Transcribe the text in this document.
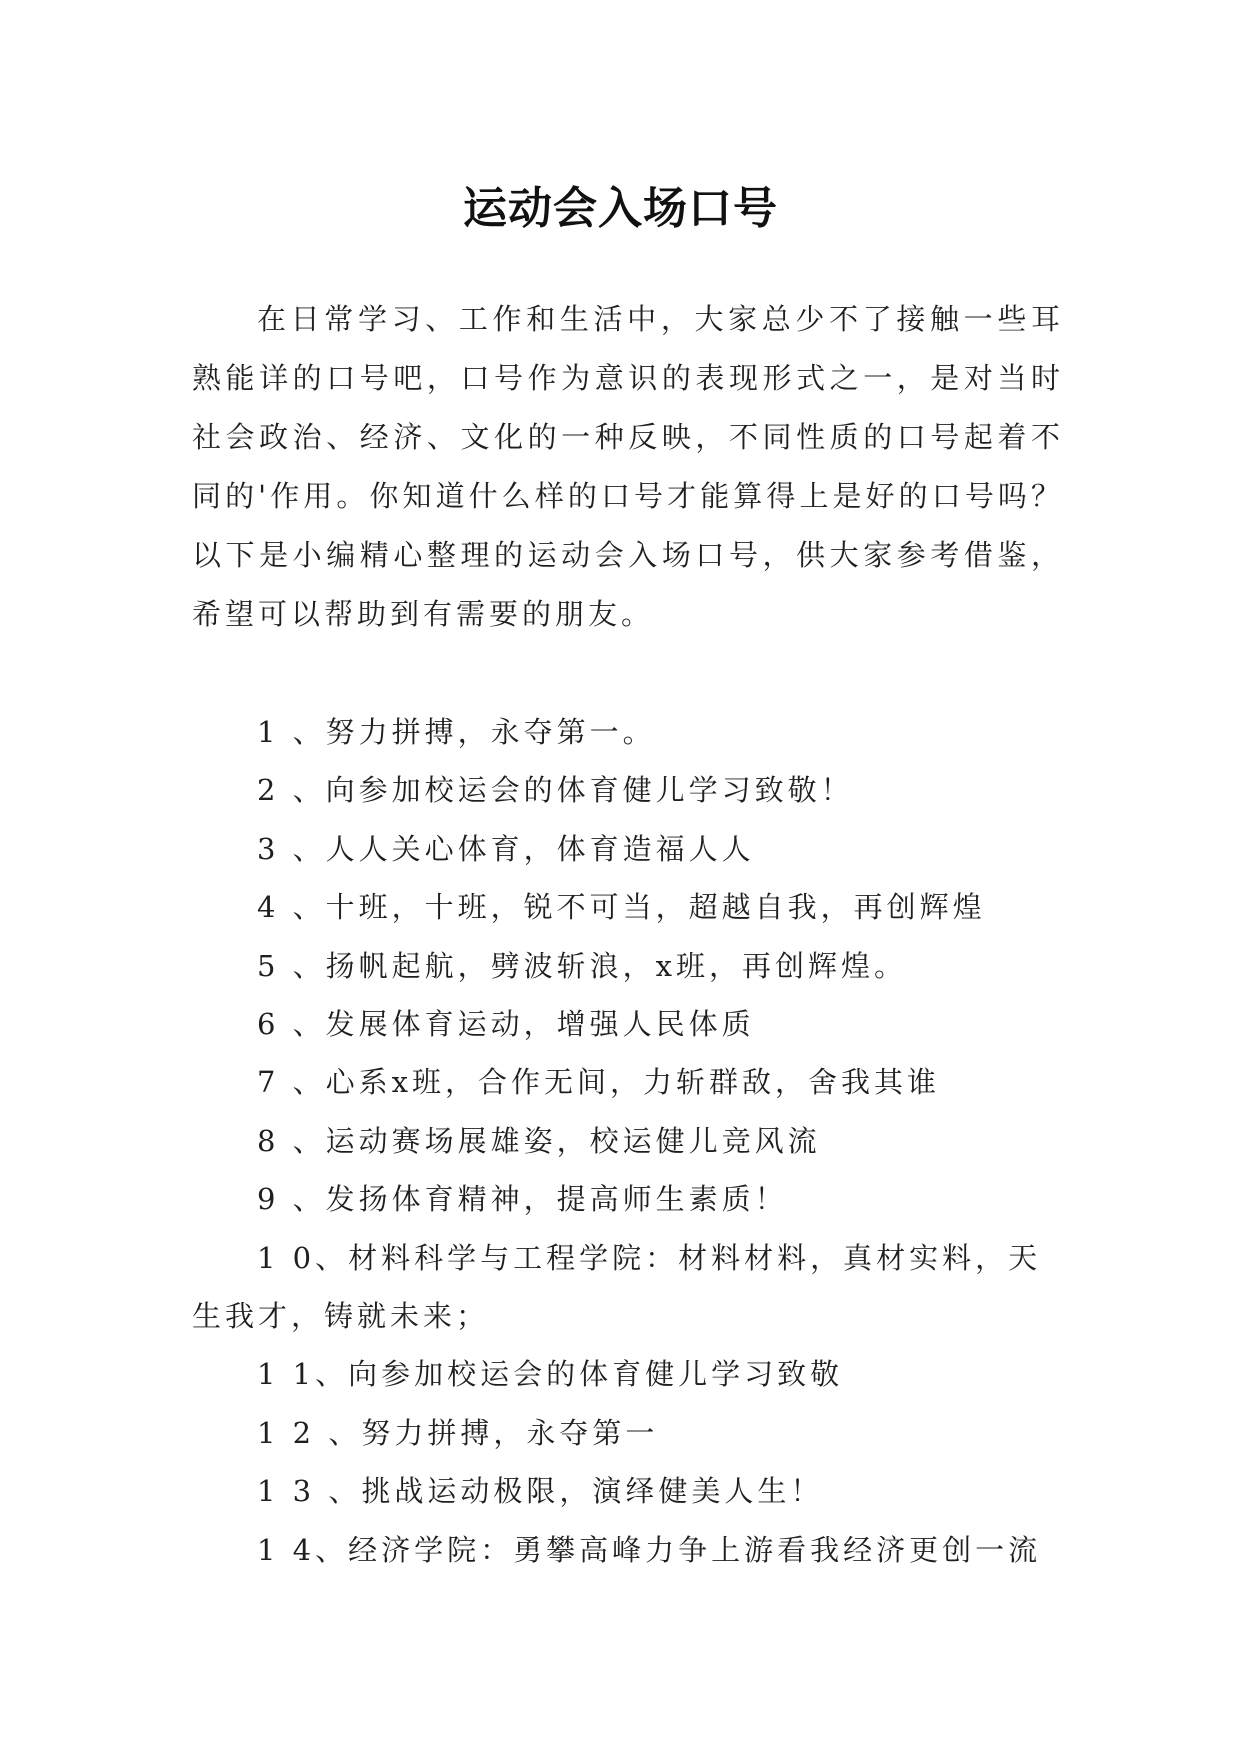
运动会入场口号

在日常学习、工作和生活中，大家总少不了接触一些耳熟能详的口号吧，口号作为意识的表现形式之一，是对当时社会政治、经济、文化的一种反映，不同性质的口号起着不同的'作用。你知道什么样的口号才能算得上是好的口号吗？以下是小编精心整理的运动会入场口号，供大家参考借鉴，希望可以帮助到有需要的朋友。

1 、努力拼搏，永夺第一。

2 、向参加校运会的体育健儿学习致敬！

3 、人人关心体育，体育造福人人

4 、十班，十班，锐不可当，超越自我，再创辉煌

5 、扬帆起航，劈波斩浪，x班，再创辉煌。

6 、发展体育运动，增强人民体质

7 、心系x班，合作无间，力斩群敌，舍我其谁

8 、运动赛场展雄姿，校运健儿竞风流

9 、发扬体育精神，提高师生素质！

1 0、材料科学与工程学院：材料材料，真材实料，天生我才，铸就未来；

1 1、向参加校运会的体育健儿学习致敬

1 2 、努力拼搏，永夺第一

1 3 、挑战运动极限，演绎健美人生！

1 4、经济学院：勇攀高峰力争上游看我经济更创一流
